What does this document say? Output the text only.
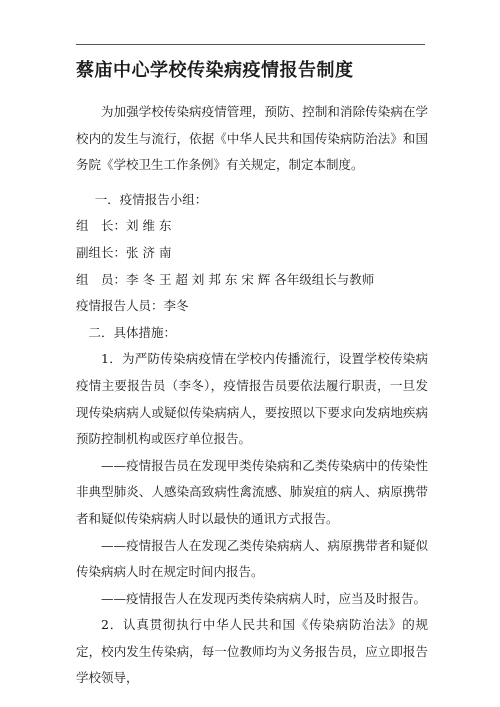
蔡庙中心学校传染病疫情报告制度

为加强学校传染病疫情管理，预防、控制和消除传染病在学校内的发生与流行，依据《中华人民共和国传染病防治法》和国务院《学校卫生工作条例》有关规定，制定本制度。

一．疫情报告小组：

组　长：刘 维 东

副组长：张 济 南

组　员：李 冬 王 超 刘 邦 东 宋 辉 各年级组长与教师

疫情报告人员：李冬

二．具体措施：

1．为严防传染病疫情在学校内传播流行，设置学校传染病疫情主要报告员（李冬），疫情报告员要依法履行职责，一旦发现传染病病人或疑似传染病病人，要按照以下要求向发病地疾病预防控制机构或医疗单位报告。

——疫情报告员在发现甲类传染病和乙类传染病中的传染性非典型肺炎、人感染高致病性禽流感、肺炭疽的病人、病原携带者和疑似传染病病人时以最快的通讯方式报告。

——疫情报告人在发现乙类传染病病人、病原携带者和疑似传染病病人时在规定时间内报告。

——疫情报告人在发现丙类传染病病人时，应当及时报告。

2．认真贯彻执行中华人民共和国《传染病防治法》的规定，校内发生传染病，每一位教师均为义务报告员，应立即报告学校领导，
